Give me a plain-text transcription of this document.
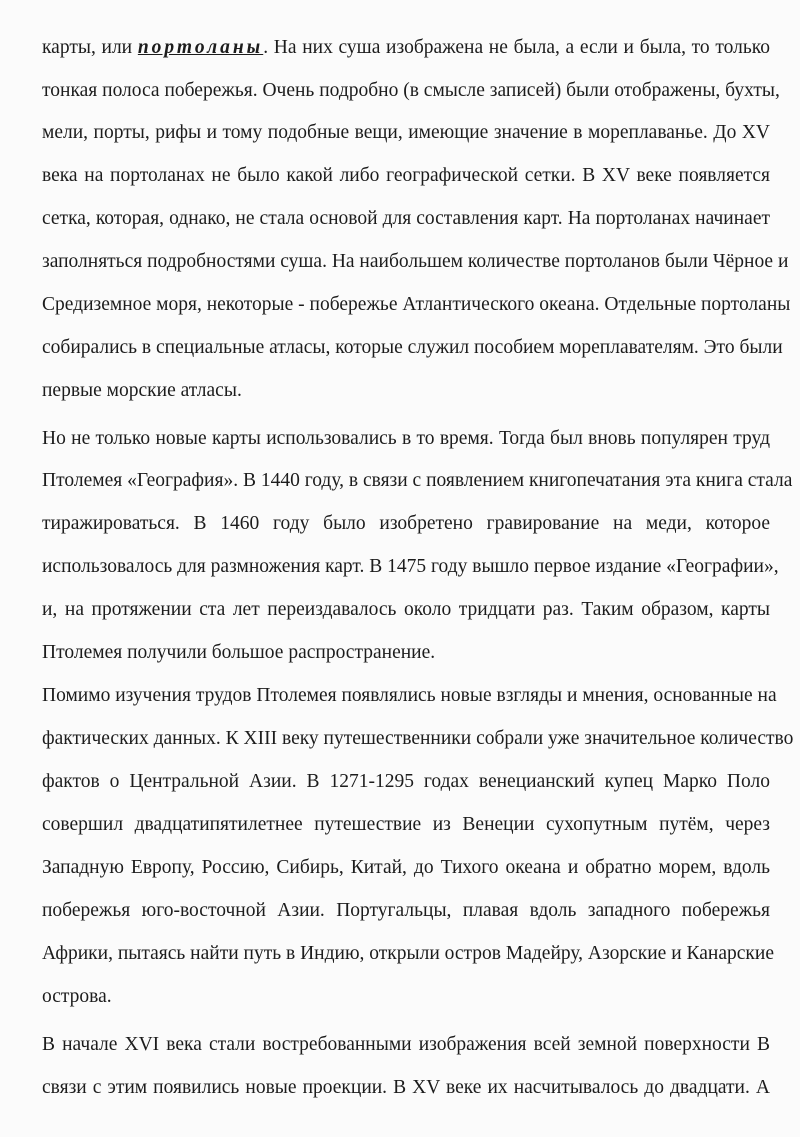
карты, или портоланы. На них суша изображена не была, а если и была, то только
тонкая полоса побережья. Очень подробно (в смысле записей) были отображены, бухты,
мели, порты, рифы и тому подобные вещи, имеющие значение в мореплаванье. До XV
века на портоланах не было какой либо географической сетки. В XV веке появляется
сетка, которая, однако, не стала основой для составления карт. На портоланах начинает
заполняться подробностями суша. На наибольшем количестве портоланов были Чёрное и
Средиземное моря, некоторые - побережье Атлантического океана. Отдельные портоланы
собирались в специальные атласы, которые служил пособием мореплавателям. Это были
первые морские атласы.
Но не только новые карты использовались в то время. Тогда был вновь популярен труд
Птолемея «География». В 1440 году, в связи с появлением книгопечатания эта книга стала
тиражироваться. В 1460 году было изобретено гравирование на меди, которое
использовалось для размножения карт. В 1475 году вышло первое издание «Географии»,
и, на протяжении ста лет переиздавалось около тридцати раз. Таким образом, карты
Птолемея получили большое распространение.
Помимо изучения трудов Птолемея появлялись новые взгляды и мнения, основанные на
фактических данных. К XIII веку путешественники собрали уже значительное количество
фактов о Центральной Азии. В 1271-1295 годах венецианский купец Марко Поло
совершил двадцатипятилетнее путешествие из Венеции сухопутным путём, через
Западную Европу, Россию, Сибирь, Китай, до Тихого океана и обратно морем, вдоль
побережья юго-восточной Азии. Португальцы, плавая вдоль западного побережья
Африки, пытаясь найти путь в Индию, открыли остров Мадейру, Азорские и Канарские
острова.
В начале XVI века стали востребованными изображения всей земной поверхности В
связи с этим появились новые проекции. В XV веке их насчитывалось до двадцати. А
